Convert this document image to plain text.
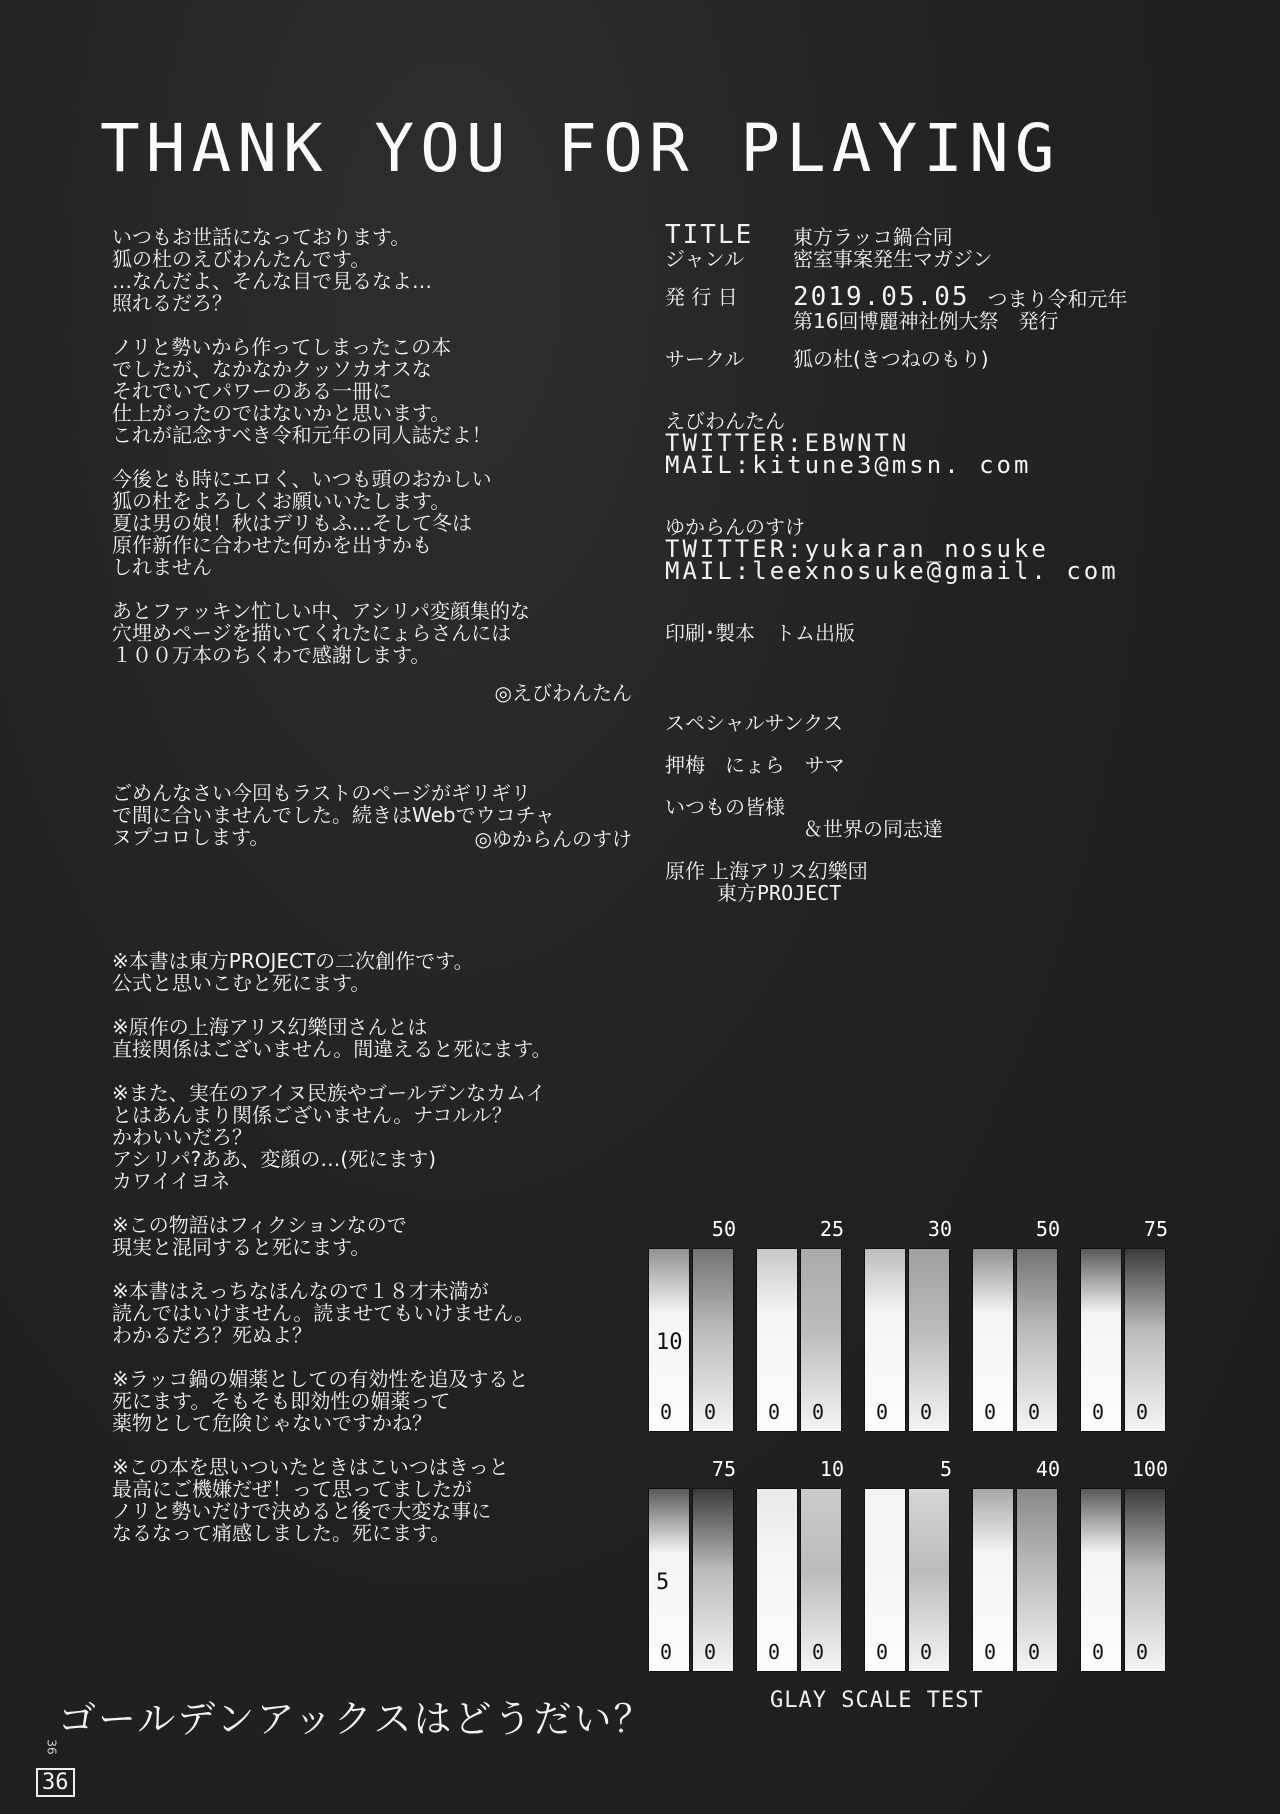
THANK YOU FOR PLAYING

いつもお世話になっております。
狐の杜のえびわんたんです。
…なんだよ、そんな目で見るなよ…
照れるだろ？

ノリと勢いから作ってしまったこの本
でしたが、なかなかクッソカオスな
それでいてパワーのある一冊に
仕上がったのではないかと思います。
これが記念すべき令和元年の同人誌だよ！

今後とも時にエロく、いつも頭のおかしい
狐の杜をよろしくお願いいたします。
夏は男の娘！秋はデリもふ…そして冬は
原作新作に合わせた何かを出すかも
しれません

あとファッキン忙しい中、アシリパ変顔集的な
穴埋めページを描いてくれたにょらさんには
１００万本のちくわで感謝します。

◎えびわんたん

ごめんなさい今回もラストのページがギリギリ
で間に合いませんでした。続きはWebでウコチャ
ヌプコロします。	◎ゆからんのすけ

※本書は東方PROJECTの二次創作です。
公式と思いこむと死にます。

※原作の上海アリス幻樂団さんとは
直接関係はございません。間違えると死にます。

※また、実在のアイヌ民族やゴールデンなカムイ
とはあんまり関係ございません。ナコルル？
かわいいだろ？
アシリパ?ああ、変顔の…(死にます)
カワイイヨネ

※この物語はフィクションなので
現実と混同すると死にます。

※本書はえっちなほんなので１８才未満が
読んではいけません。読ませてもいけません。
わかるだろ？死ぬよ？

※ラッコ鍋の媚薬としての有効性を追及すると
死にます。そもそも即効性の媚薬って
薬物として危険じゃないですかね？

※この本を思いついたときはこいつはきっと
最高にご機嫌だぜ！って思ってましたが
ノリと勢いだけで決めると後で大変な事に
なるなって痛感しました。死にます。

TITLE	東方ラッコ鍋合同
ジャンル	密室事案発生マガジン
発 行 日	2019.05.05 つまり令和元年
第16回博麗神社例大祭　発行
サークル	狐の杜(きつねのもり)
えびわんたん
TWITTER:EBWNTN
MAIL:kitune3@msn. com
ゆからんのすけ
TWITTER:yukaran_nosuke
MAIL:leexnosuke@gmail. com
印刷･製本　トム出版
スペシャルサンクス
押梅　にょら　サマ
いつもの皆様
＆世界の同志達
原作 上海アリス幻樂団
東方PROJECT
50
0 0
10
25
0 0
30
0 0
50
0 0
75
0 0
75
0 0
5
10
0 0
5
0 0
40
0 0
100
0 0
GLAY SCALE TEST
ゴールデンアックスはどうだい？
36
36
